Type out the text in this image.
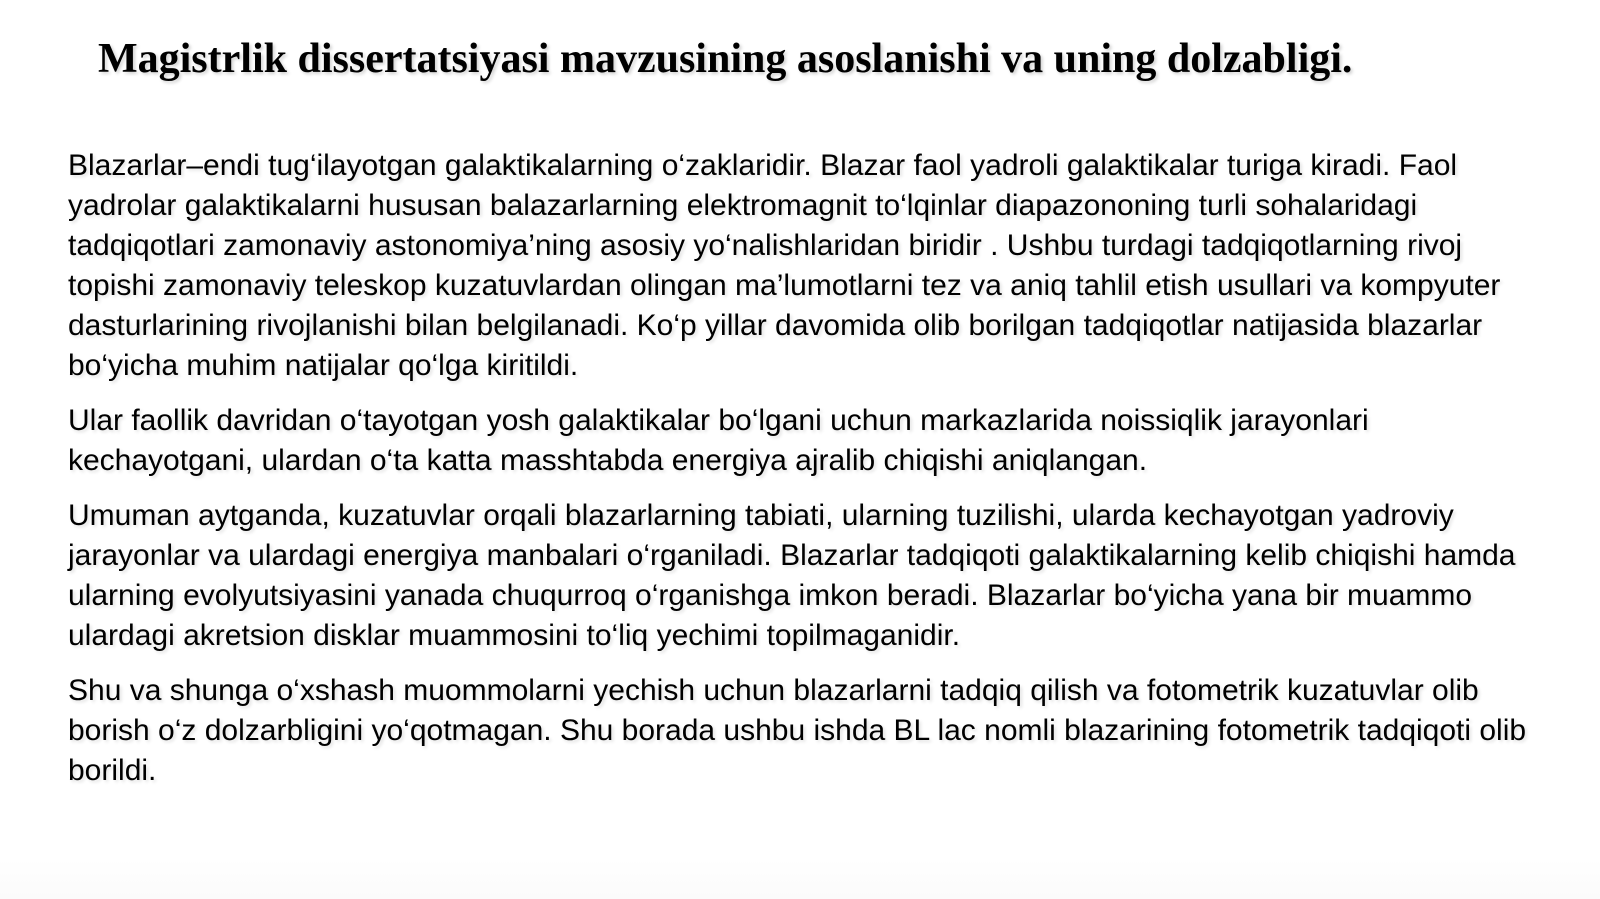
Magistrlik dissertatsiyasi mavzusining asoslanishi va uning dolzabligi.

Blazarlar–endi tug‘ilayotgan galaktikalarning o‘zaklaridir. Blazar faol yadroli galaktikalar turiga kiradi. Faol yadrolar galaktikalarni hususan balazarlarning elektromagnit to‘lqinlar diapazononing turli sohalaridagi tadqiqotlari zamonaviy astonomiya’ning asosiy yo‘nalishlaridan biridir . Ushbu turdagi tadqiqotlarning rivoj topishi zamonaviy teleskop kuzatuvlardan olingan ma’lumotlarni tez va aniq tahlil etish usullari va kompyuter dasturlarining rivojlanishi bilan belgilanadi. Ko‘p yillar davomida olib borilgan tadqiqotlar natijasida blazarlar bo‘yicha muhim natijalar qo‘lga kiritildi.

Ular faollik davridan o‘tayotgan yosh galaktikalar bo‘lgani uchun markazlarida noissiqlik jarayonlari kechayotgani, ulardan o‘ta katta masshtabda energiya ajralib chiqishi aniqlangan.

Umuman aytganda, kuzatuvlar orqali blazarlarning tabiati, ularning tuzilishi, ularda kechayotgan yadroviy jarayonlar va ulardagi energiya manbalari o‘rganiladi. Blazarlar tadqiqoti galaktikalarning kelib chiqishi hamda ularning evolyutsiyasini yanada chuqurroq o‘rganishga imkon beradi. Blazarlar bo‘yicha yana bir muammo ulardagi akretsion disklar muammosini to‘liq yechimi topilmaganidir.

Shu va shunga o‘xshash muommolarni yechish uchun blazarlarni tadqiq qilish va fotometrik kuzatuvlar olib borish o‘z dolzarbligini yo‘qotmagan. Shu borada ushbu ishda BL lac nomli blazarining fotometrik tadqiqoti olib borildi.
